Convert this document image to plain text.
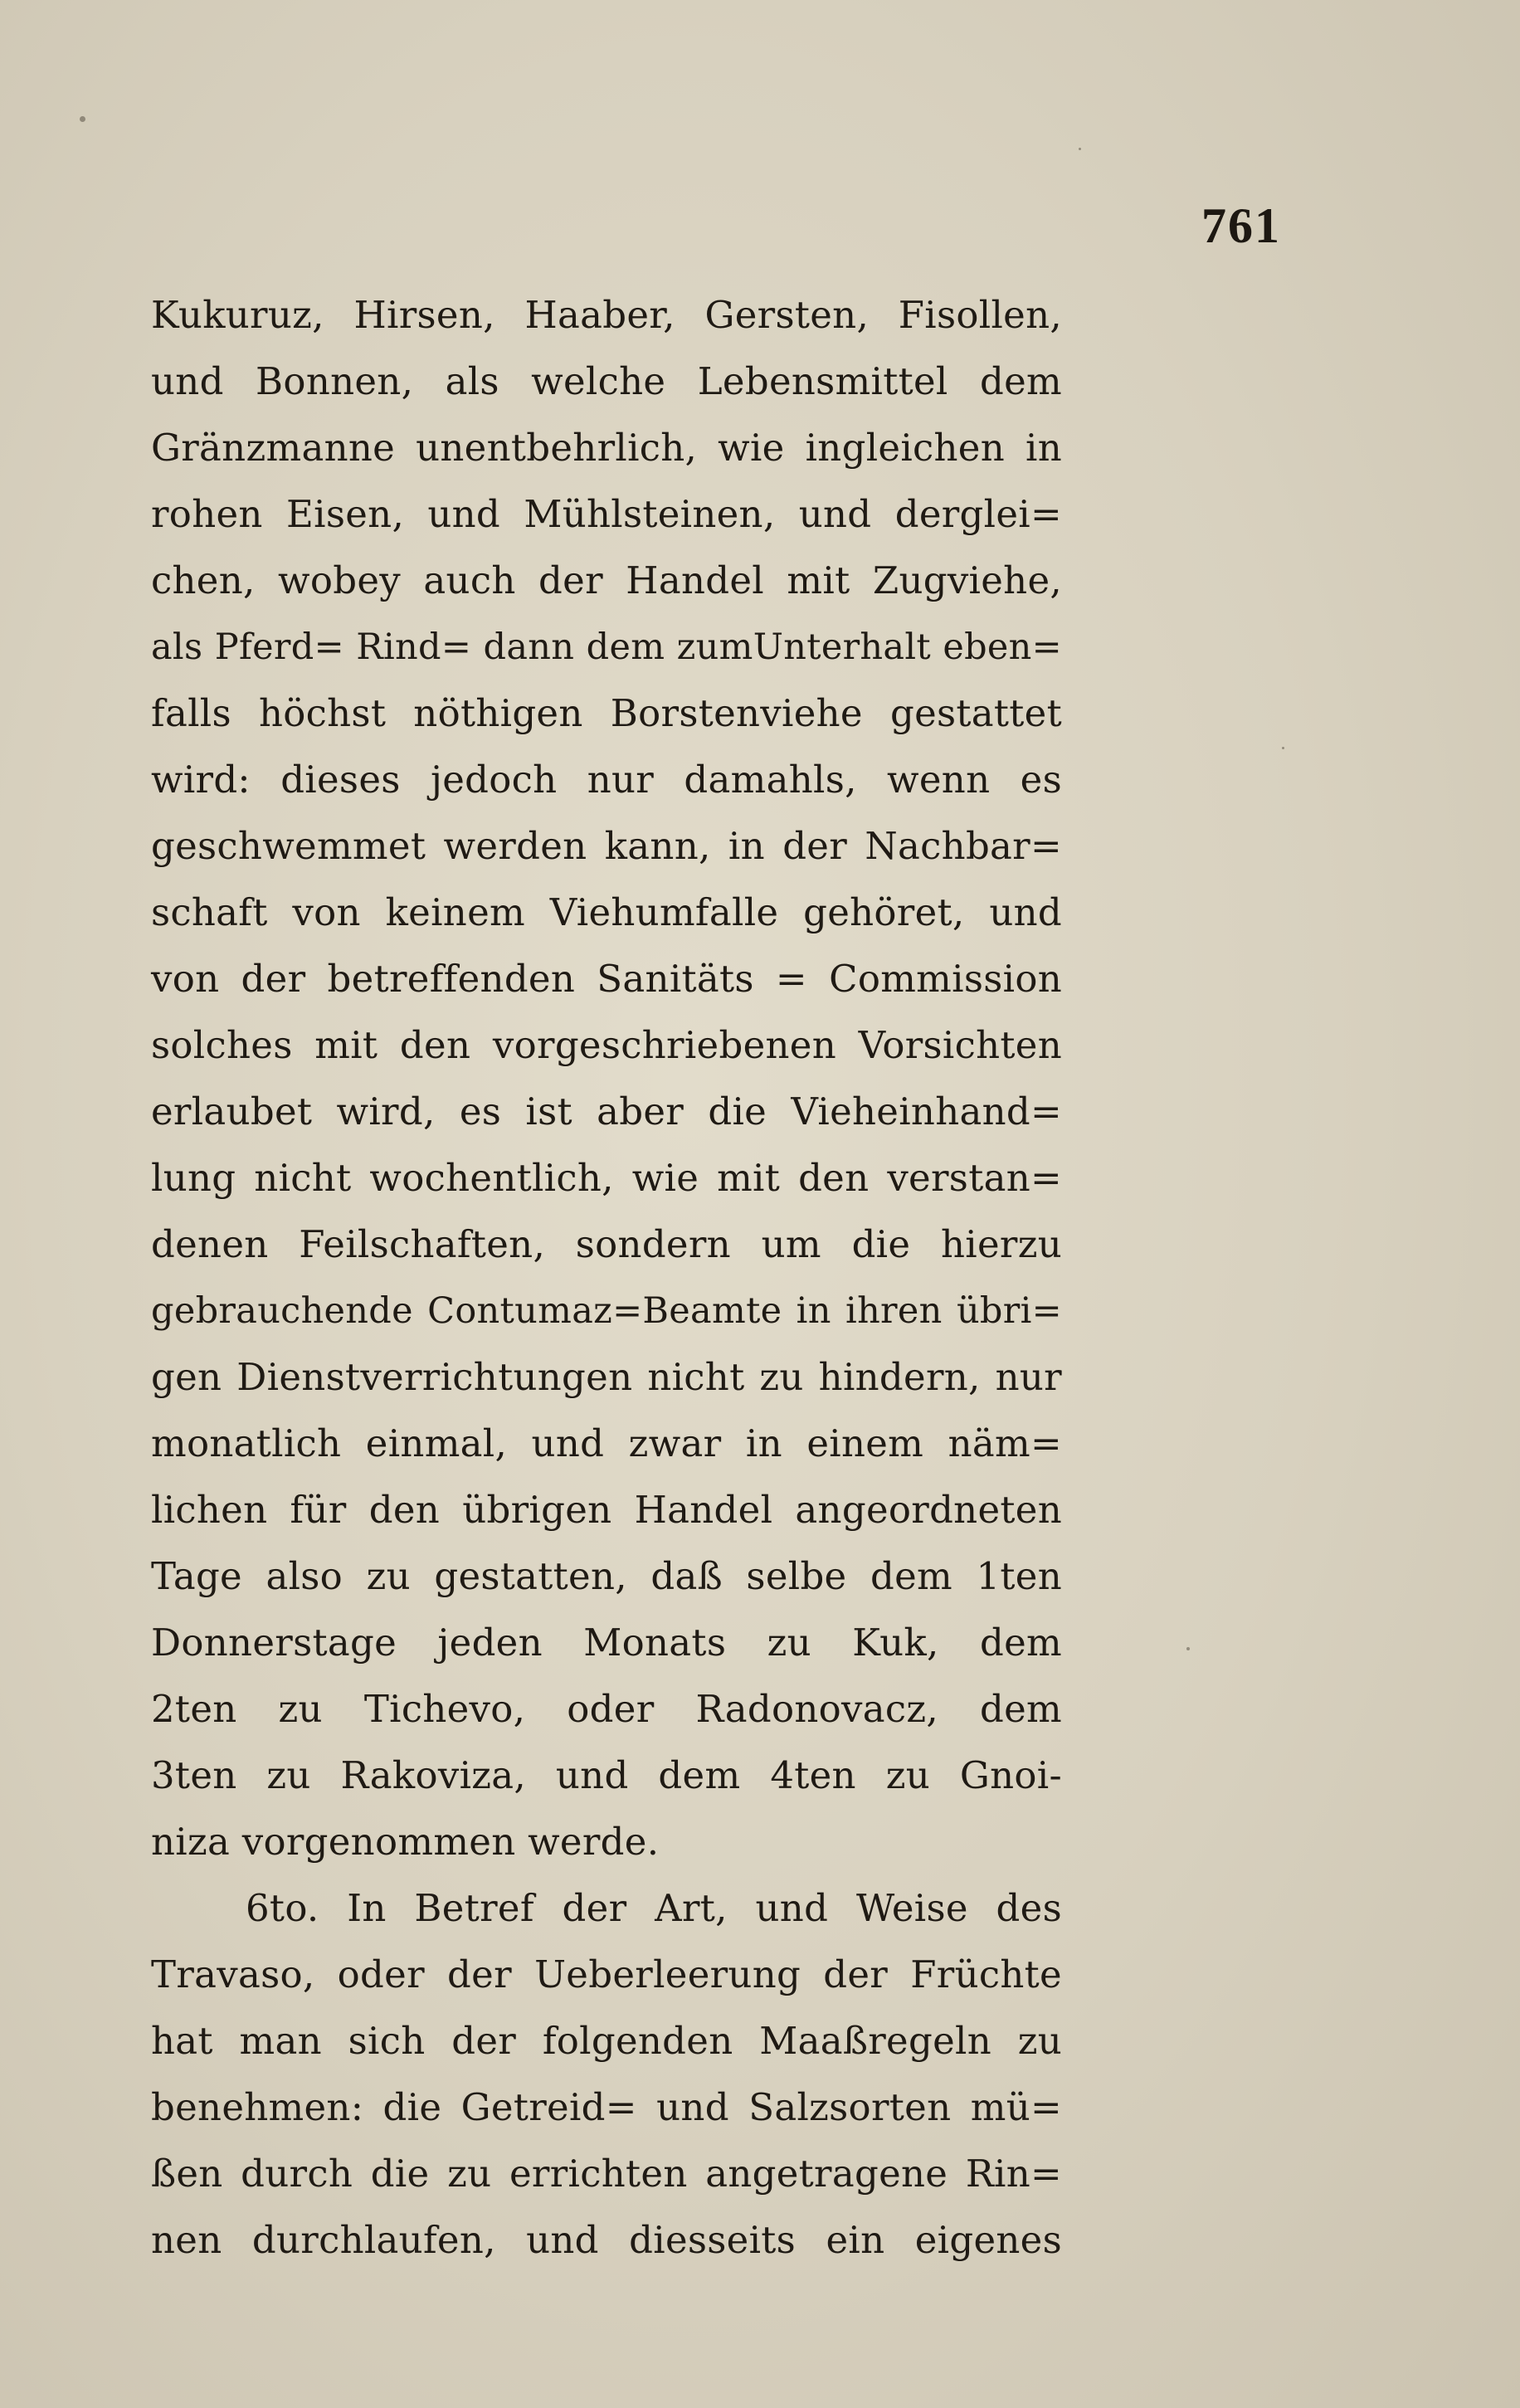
761
Kukuruz, Hirsen, Haaber, Gersten, Fisollen,
und Bonnen, als welche Lebensmittel dem
Gränzmanne unentbehrlich, wie ingleichen in
rohen Eisen, und Mühlsteinen, und derglei=
chen, wobey auch der Handel mit Zugviehe,
als Pferd= Rind= dann dem zumUnterhalt eben=
falls höchst nöthigen Borstenviehe gestattet
wird: dieses jedoch nur damahls, wenn es
geschwemmet werden kann, in der Nachbar=
schaft von keinem Viehumfalle gehöret, und
von der betreffenden Sanitäts = Commission
solches mit den vorgeschriebenen Vorsichten
erlaubet wird, es ist aber die Vieheinhand=
lung nicht wochentlich, wie mit den verstan=
denen Feilschaften, sondern um die hierzu
gebrauchende Contumaz=Beamte in ihren übri=
gen Dienstverrichtungen nicht zu hindern, nur
monatlich einmal, und zwar in einem näm=
lichen für den übrigen Handel angeordneten
Tage also zu gestatten, daß selbe dem 1ten
Donnerstage jeden Monats zu Kuk, dem
2ten zu Tichevo, oder Radonovacz, dem
3ten zu Rakoviza, und dem 4ten zu Gnoi-
niza vorgenommen werde.
6to. In Betref der Art, und Weise des
Travaso, oder der Ueberleerung der Früchte
hat man sich der folgenden Maaßregeln zu
benehmen: die Getreid= und Salzsorten mü=
ßen durch die zu errichten angetragene Rin=
nen durchlaufen, und diesseits ein eigenes
